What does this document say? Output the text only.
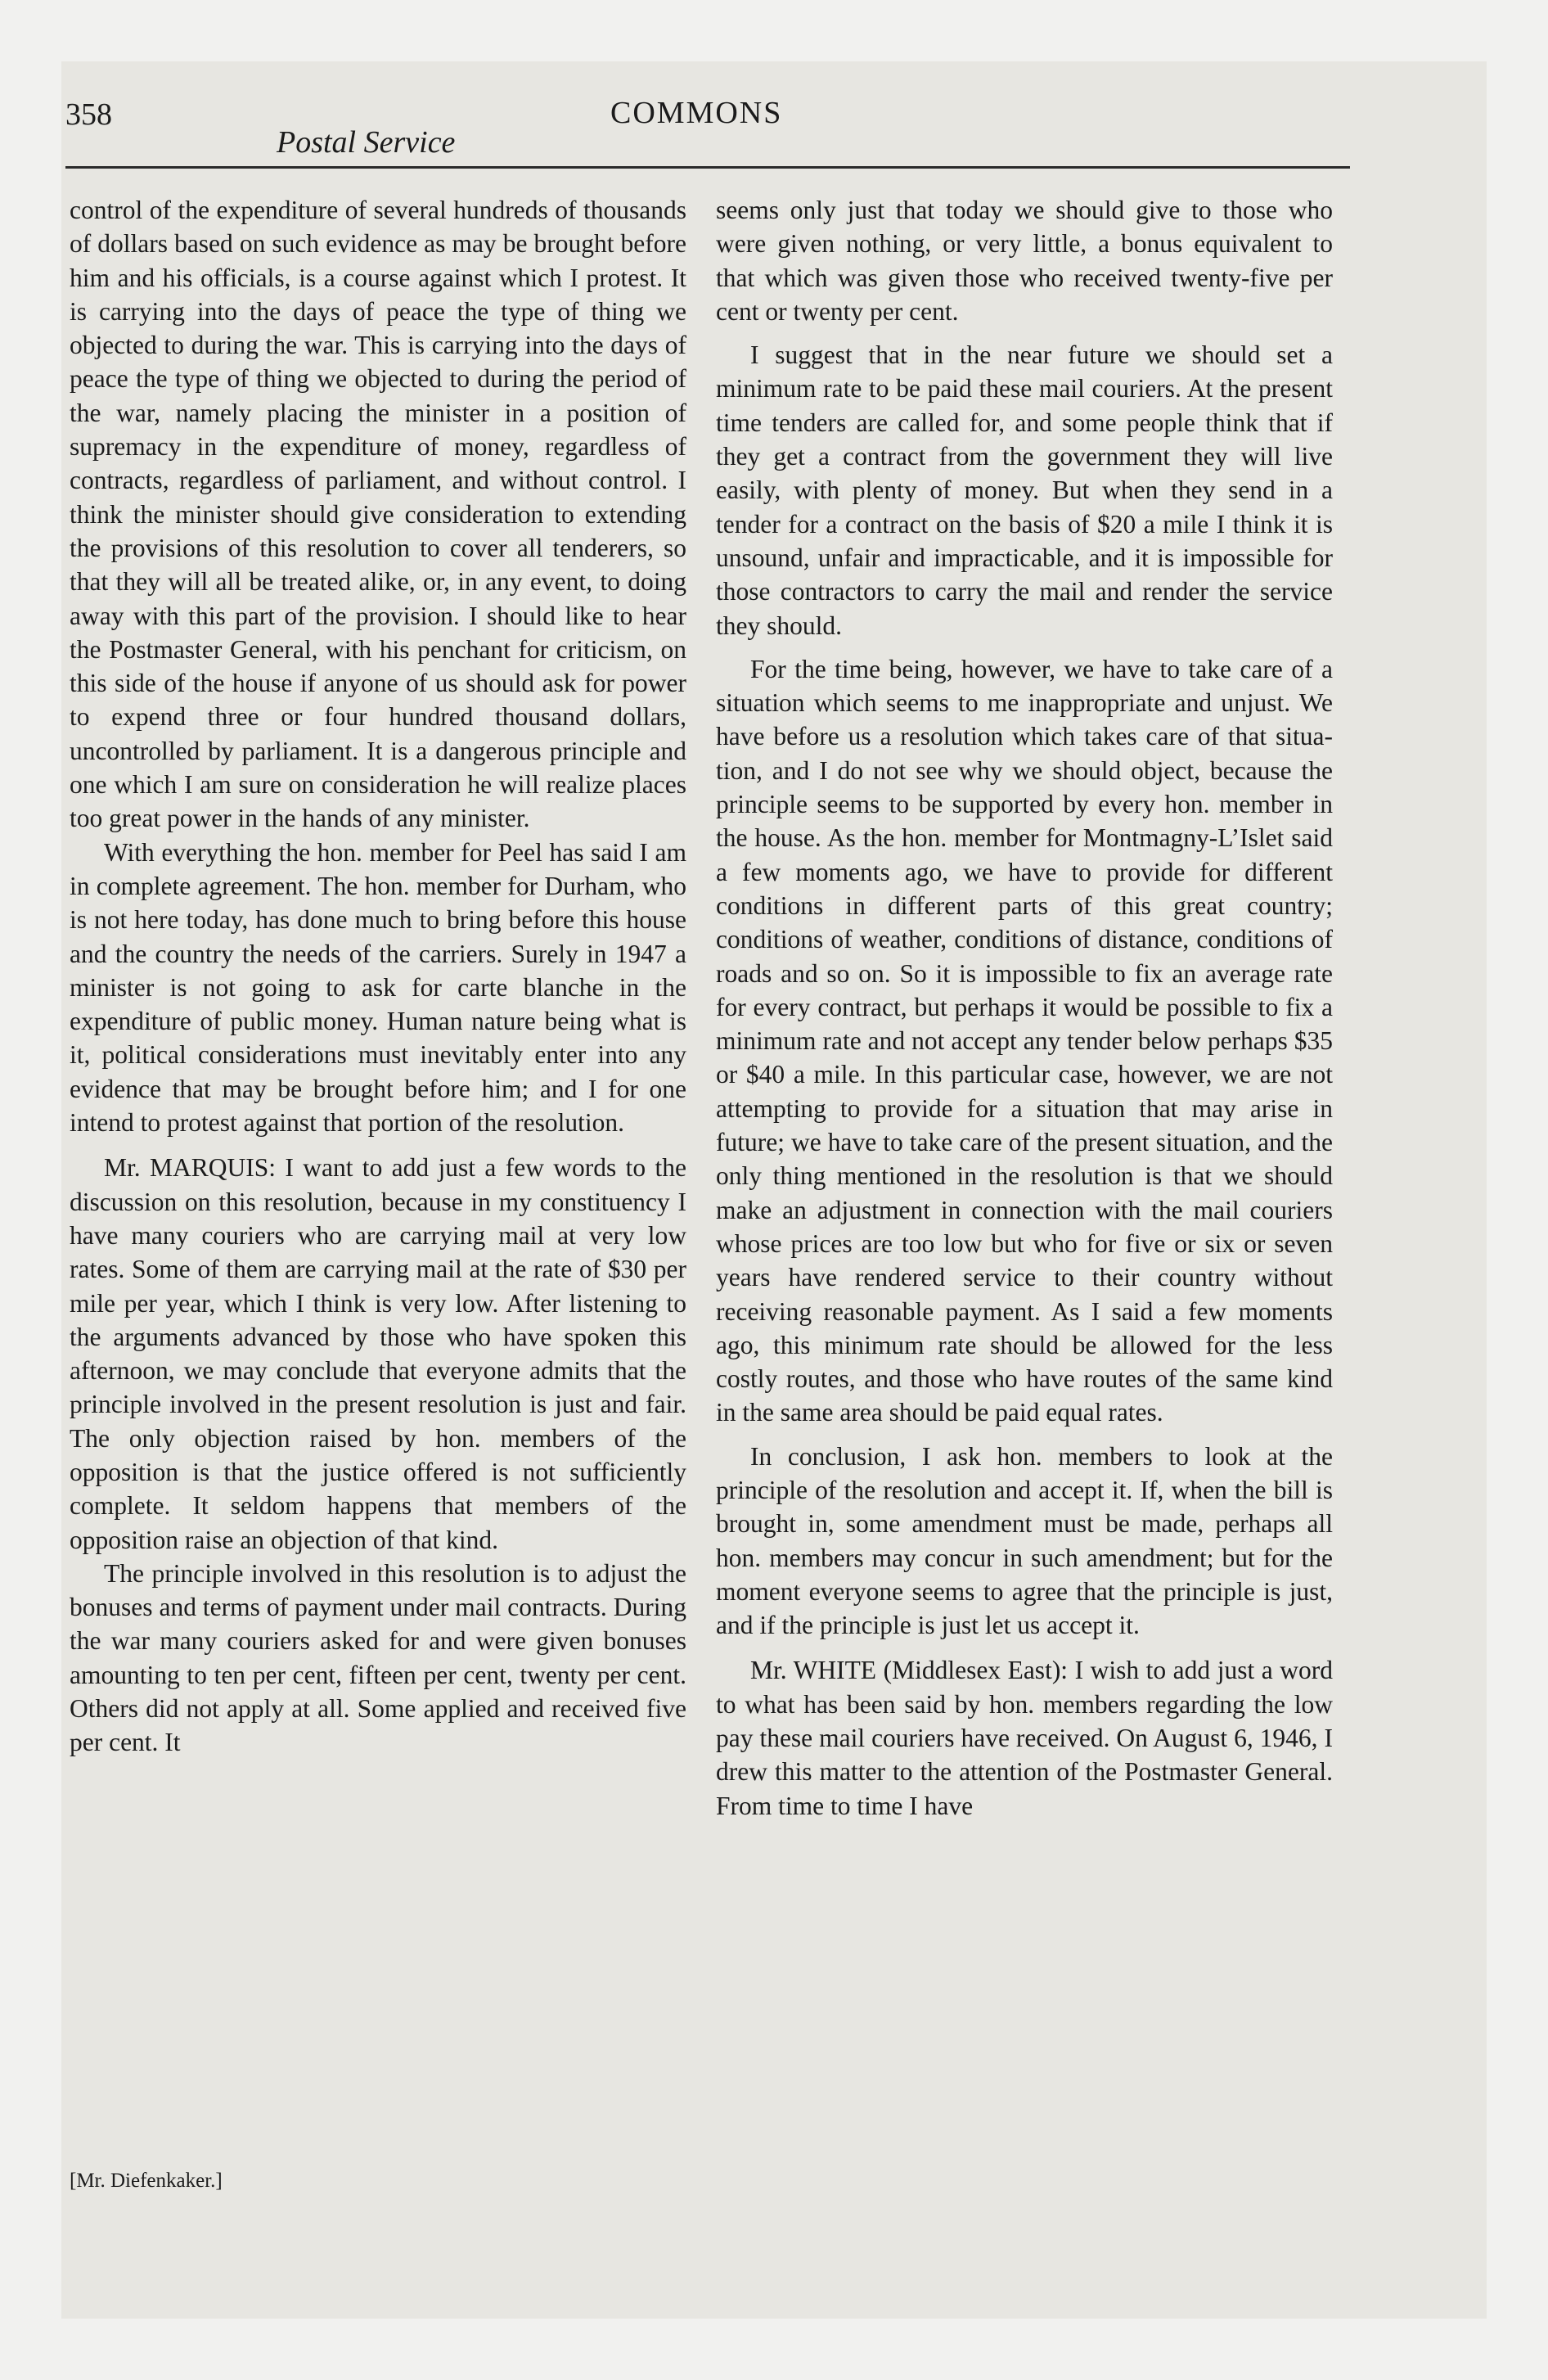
358	COMMONS
Postal Service

control of the expenditure of several hundreds of thousands of dollars based on such evidence as may be brought before him and his officials, is a course against which I protest. It is carrying into the days of peace the type of thing we objected to during the war. This is carrying into the days of peace the type of thing we objected to during the period of the war, namely placing the minister in a position of supremacy in the expenditure of money, regardless of contracts, regardless of parliament, and without control. I think the minister should give consideration to extending the provisions of this resolution to cover all tenderers, so that they will all be treated alike, or, in any event, to doing away with this part of the provision. I should like to hear the Postmaster General, with his penchant for criticism, on this side of the house if anyone of us should ask for power to expend three or four hundred thousand dollars, uncontrolled by parliament. It is a dangerous principle and one which I am sure on consideration he will realize places too great power in the hands of any minister.

With everything the hon. member for Peel has said I am in complete agreement. The hon. member for Durham, who is not here today, has done much to bring before this house and the country the needs of the carriers. Surely in 1947 a minister is not going to ask for carte blanche in the expenditure of public money. Human nature being what is it, political considerations must inevitably enter into any evidence that may be brought before him; and I for one intend to protest against that portion of the resolution.

Mr. MARQUIS: I want to add just a few words to the discussion on this resolution, because in my constituency I have many couriers who are carrying mail at very low rates. Some of them are carrying mail at the rate of $30 per mile per year, which I think is very low. After listening to the arguments advanced by those who have spoken this afternoon, we may conclude that everyone admits that the principle involved in the present resolution is just and fair. The only objection raised by hon. members of the opposition is that the justice offered is not sufficiently complete. It seldom happens that members of the opposition raise an objection of that kind.

The principle involved in this resolution is to adjust the bonuses and terms of payment under mail contracts. During the war many couriers asked for and were given bonuses amounting to ten per cent, fifteen per cent, twenty per cent. Others did not apply at all. Some applied and received five per cent. It

seems only just that today we should give to those who were given nothing, or very little, a bonus equivalent to that which was given those who received twenty-five per cent or twenty per cent.

I suggest that in the near future we should set a minimum rate to be paid these mail couriers. At the present time tenders are called for, and some people think that if they get a contract from the government they will live easily, with plenty of money. But when they send in a tender for a contract on the basis of $20 a mile I think it is unsound, unfair and impracticable, and it is impossible for those contractors to carry the mail and render the service they should.

For the time being, however, we have to take care of a situation which seems to me inappropriate and unjust. We have before us a resolution which takes care of that situation, and I do not see why we should object, because the principle seems to be supported by every hon. member in the house. As the hon. member for Montmagny-L’Islet said a few moments ago, we have to provide for different conditions in different parts of this great country; conditions of weather, conditions of distance, conditions of roads and so on. So it is impossible to fix an average rate for every contract, but perhaps it would be possible to fix a minimum rate and not accept any tender below perhaps $35 or $40 a mile. In this particular case, however, we are not attempting to provide for a situation that may arise in future; we have to take care of the present situation, and the only thing mentioned in the resolution is that we should make an adjustment in connection with the mail couriers whose prices are too low but who for five or six or seven years have rendered service to their country without receiving reasonable payment. As I said a few moments ago, this minimum rate should be allowed for the less costly routes, and those who have routes of the same kind in the same area should be paid equal rates.

In conclusion, I ask hon. members to look at the principle of the resolution and accept it. If, when the bill is brought in, some amendment must be made, perhaps all hon. members may concur in such amendment; but for the moment everyone seems to agree that the principle is just, and if the principle is just let us accept it.

Mr. WHITE (Middlesex East): I wish to add just a word to what has been said by hon. members regarding the low pay these mail couriers have received. On August 6, 1946, I drew this matter to the attention of the Postmaster General. From time to time I have

[Mr. Diefenkaker.]
